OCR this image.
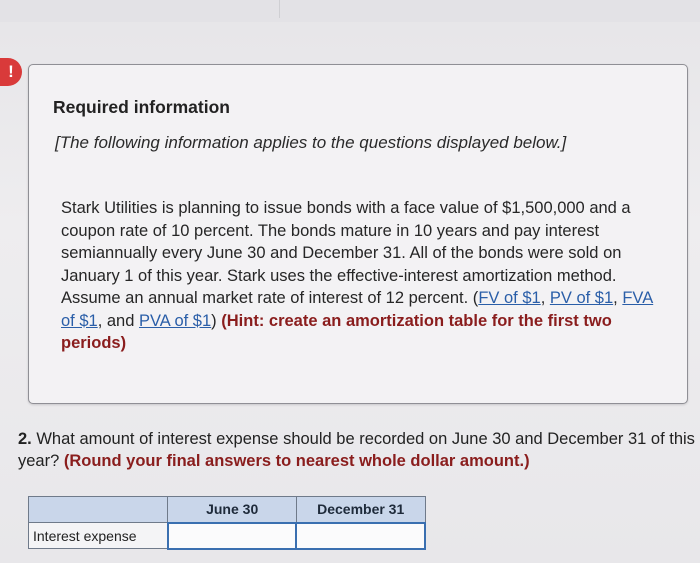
!
Required information
[The following information applies to the questions displayed below.]
Stark Utilities is planning to issue bonds with a face value of $1,500,000 and a coupon rate of 10 percent. The bonds mature in 10 years and pay interest semiannually every June 30 and December 31. All of the bonds were sold on January 1 of this year. Stark uses the effective-interest amortization method. Assume an annual market rate of interest of 12 percent. (FV of $1, PV of $1, FVA of $1, and PVA of $1) (Hint: create an amortization table for the first two periods)
2. What amount of interest expense should be recorded on June 30 and December 31 of this year? (Round your final answers to nearest whole dollar amount.)
	June 30	December 31
Interest expense		
